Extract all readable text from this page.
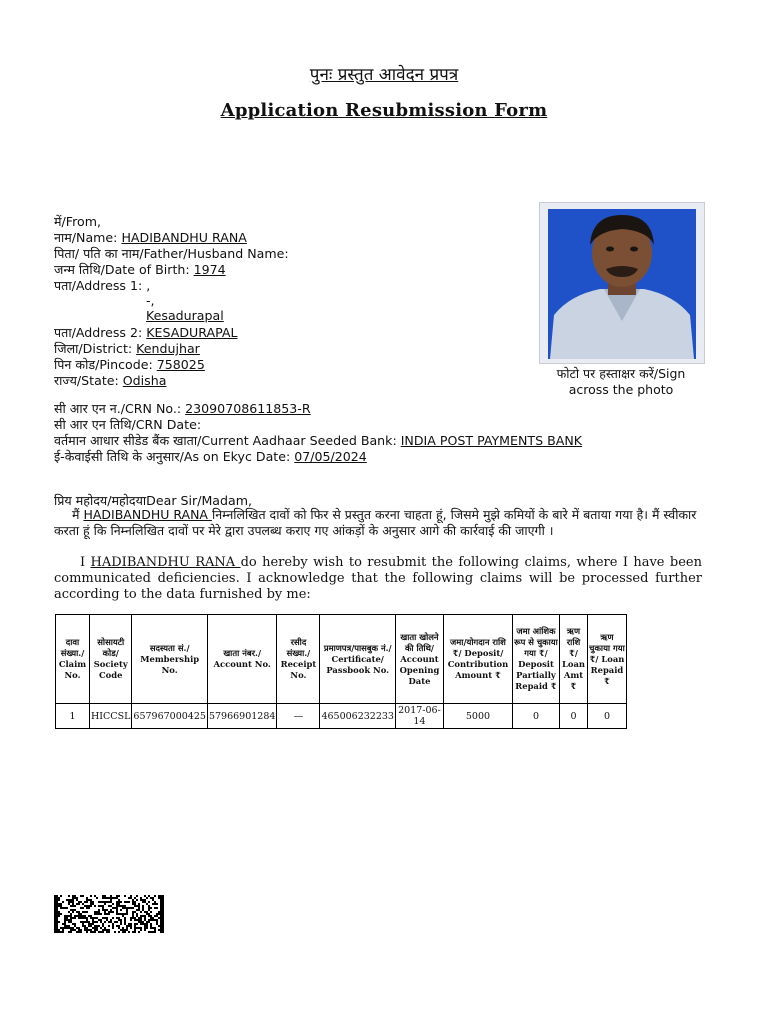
पुनः प्रस्तुत आवेदन प्रपत्र
Application Resubmission Form
में/From,
नाम/Name: HADIBANDHU RANA
पिता/ पति का नाम/Father/Husband Name:
जन्म तिथि/Date of Birth: 1974
पता/Address 1: ,
-,
Kesadurapal
पता/Address 2: KESADURAPAL
जिला/District: Kendujhar
पिन कोड/Pincode: 758025
राज्य/State: Odisha	फोटो पर हस्ताक्षर करें/Sign across the photo
सी आर एन न./CRN No.: 23090708611853-R
सी आर एन तिथि/CRN Date:
वर्तमान आधार सीडेड बैंक खाता/Current Aadhaar Seeded Bank: INDIA POST PAYMENTS BANK
ई-केवाईसी तिथि के अनुसार/As on Ekyc Date: 07/05/2024
प्रिय महोदय/महोदयाDear Sir/Madam,
मैं HADIBANDHU RANA निम्नलिखित दावों को फिर से प्रस्तुत करना चाहता हूं, जिसमे मुझे कमियों के बारे में बताया गया है। मैं स्वीकार करता हूं कि निम्नलिखित दावों पर मेरे द्वारा उपलब्ध कराए गए आंकड़ों के अनुसार आगे की कार्रवाई की जाएगी ।
I HADIBANDHU RANA do hereby wish to resubmit the following claims, where I have been communicated deficiencies. I acknowledge that the following claims will be processed further according to the data furnished by me:
दावा संख्या./ Claim No.	सोसायटी कोड/ Society Code	सदस्यता सं./ Membership No.	खाता नंबर./ Account No.	रसीद संख्या./ Receipt No.	प्रमाणपत्र/पासबुक नं./ Certificate/ Passbook No.	खाता खोलने की तिथि/ Account Opening Date	जमा/योगदान राशि ₹/ Deposit/ Contribution Amount ₹	जमा आंशिक रूप से चुकाया गया ₹/ Deposit Partially Repaid ₹	ऋण राशि ₹/ Loan Amt ₹	ऋण चुकाया गया ₹/ Loan Repaid ₹
1	HICCSL	657967000425	57966901284	—	465006232233	2017-06-14	5000	0	0	0
